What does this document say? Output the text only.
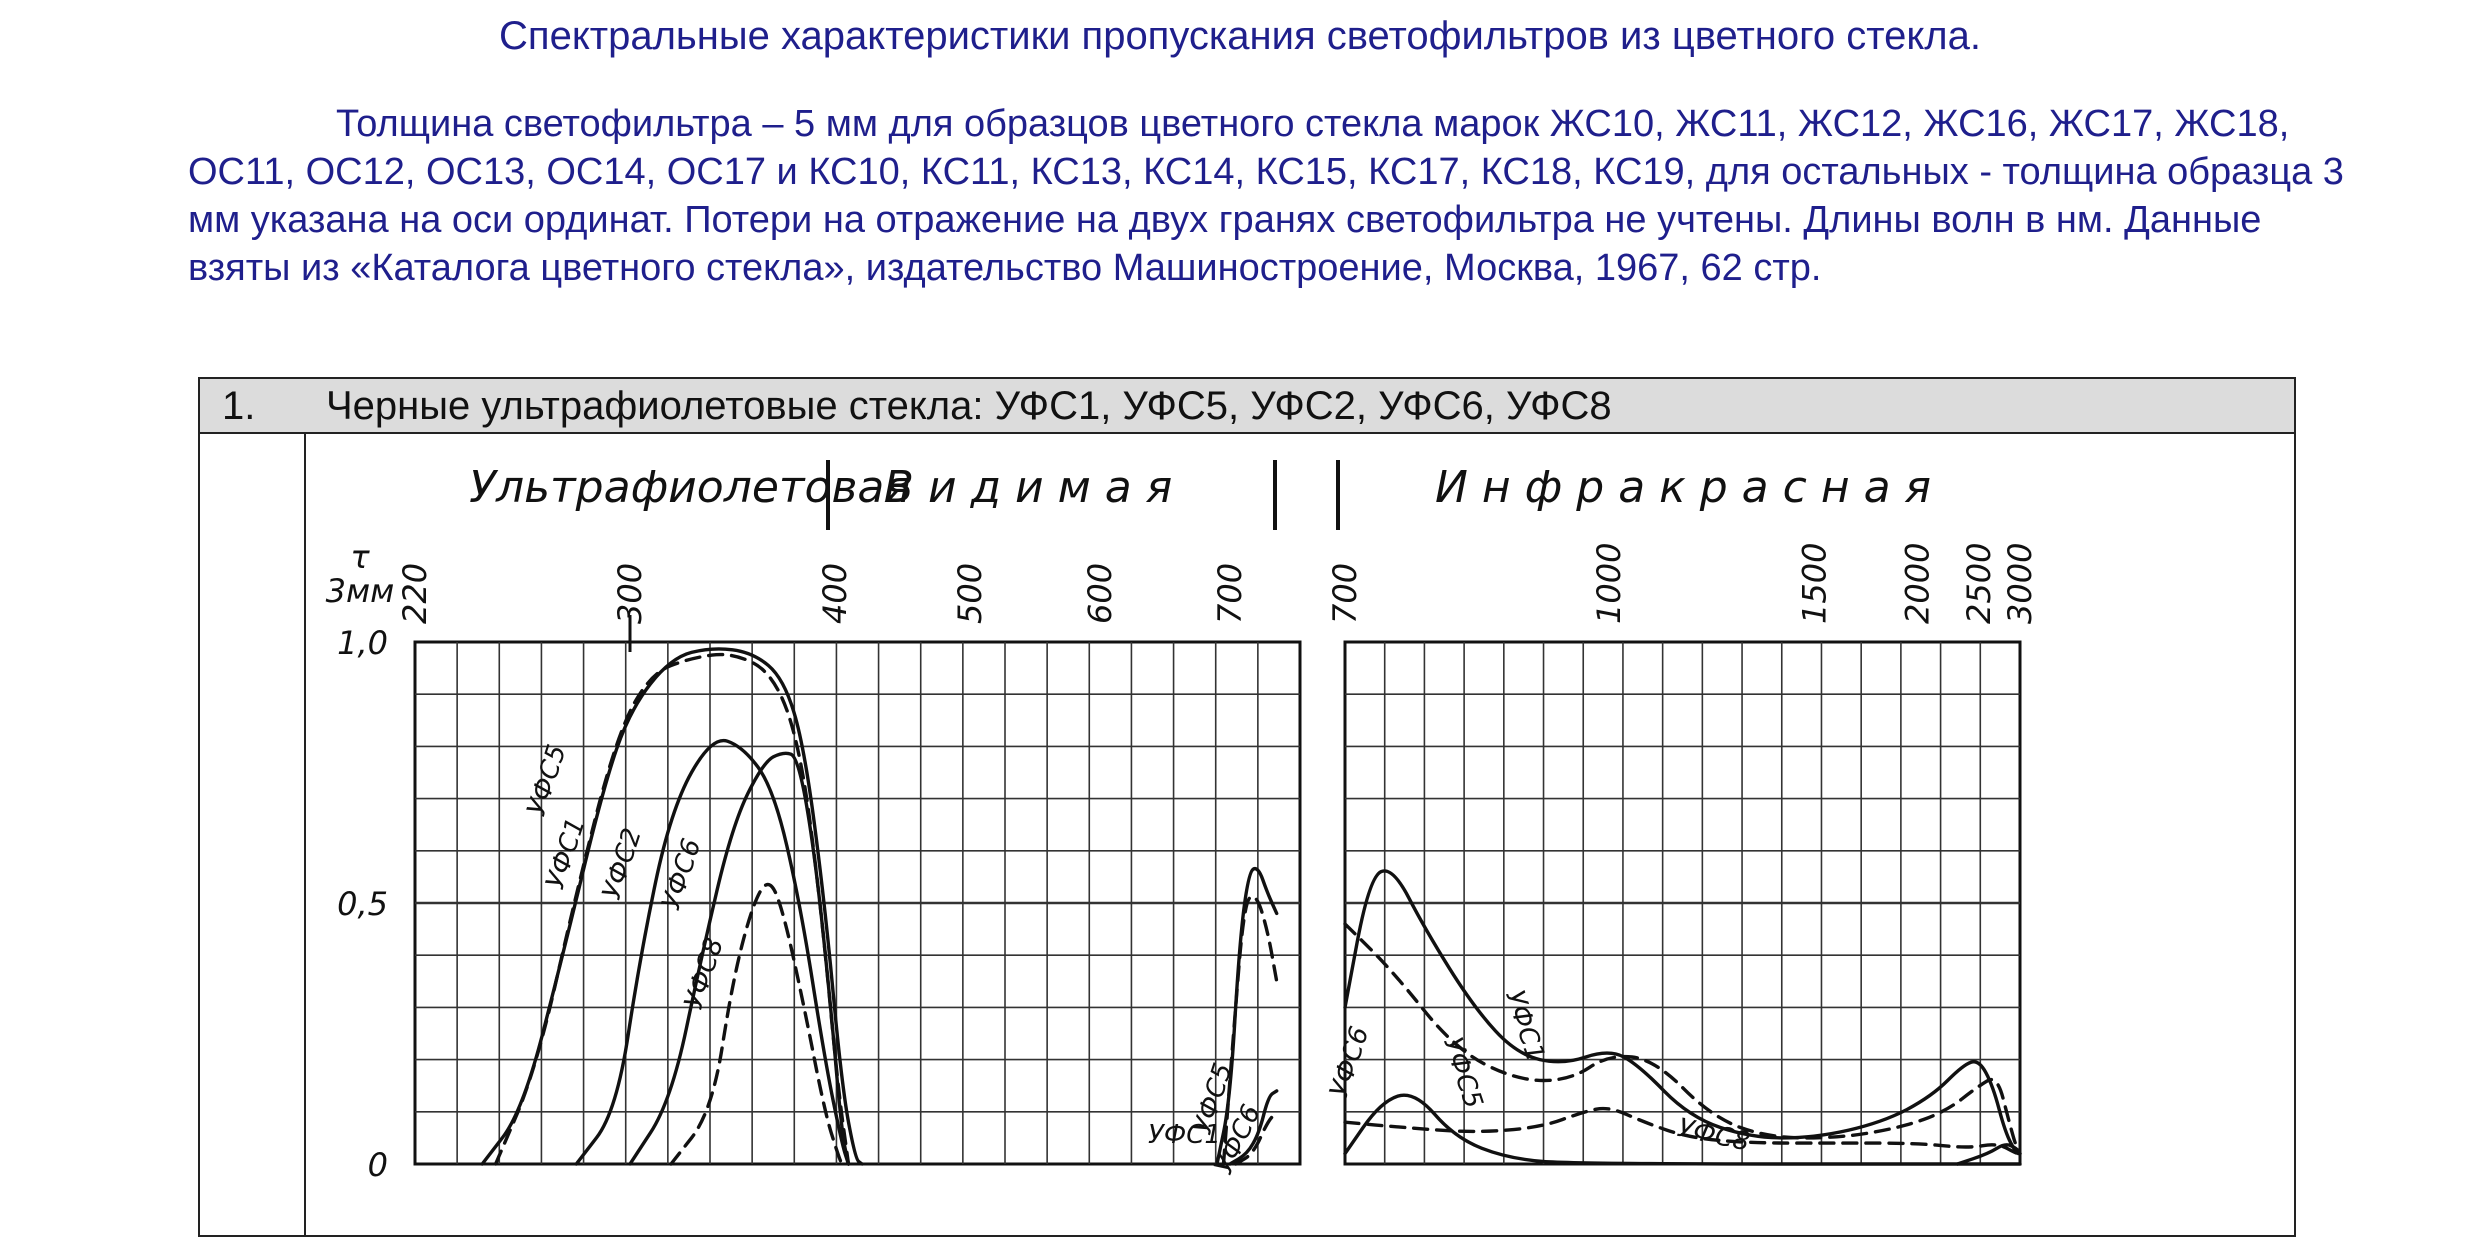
Спектральные характеристики пропускания светофильтров из цветного стекла.

Толщина светофильтра – 5 мм для образцов цветного стекла марок ЖС10, ЖС11, ЖС12, ЖС16, ЖС17, ЖС18, ОС11, ОС12, ОС13, ОС14, ОС17 и КС10, КС11, КС13, КС14, КС15, КС17, КС18, КС19, для остальных - толщина образца 3 мм указана на оси ординат. Потери на отражение на двух гранях светофильтра не учтены. Длины волн в нм. Данные взяты из «Каталога цветного стекла», издательство Машиностроение, Москва, 1967, 62 стр.

1. Черные ультрафиолетовые стекла: УФС1, УФС5, УФС2, УФС6, УФС8
Ультрафиолетовая
Видимая	Инфракрасная
УФС5
УФС1 УФС2 УФС6
УФС8
УФС5
УФС1
УФС6
УФС1
УФС5
УФС6
УФС8
τ
3мм
1,0
0,5
0
220	300	400	500	600	700 700	1000	1500 2000 2500 3000
